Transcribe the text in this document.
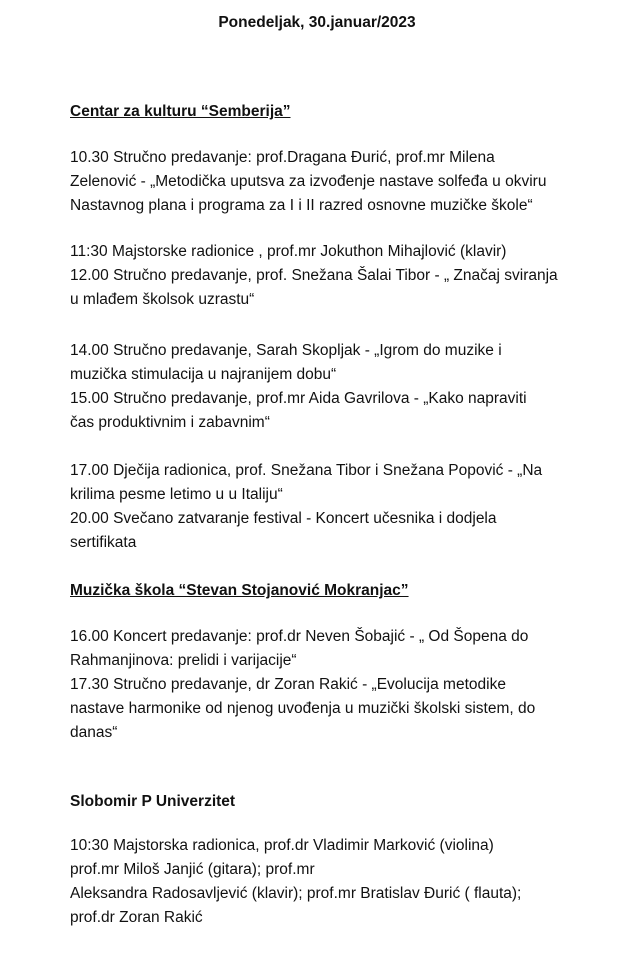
Ponedeljak, 30.januar/2023
Centar za kulturu “Semberija”
10.30 Stručno predavanje: prof.Dragana Đurić, prof.mr Milena
Zelenović - „Metodička uputsva za izvođenje nastave solfeđa u okviru
Nastavnog plana i programa za I i II razred osnovne muzičke škole“
11:30 Majstorske radionice , prof.mr Jokuthon Mihajlović (klavir)
12.00 Stručno predavanje, prof. Snežana Šalai Tibor - „ Značaj sviranja
u mlađem školsok uzrastu“
14.00 Stručno predavanje, Sarah Skopljak - „Igrom do muzike i
muzička stimulacija u najranijem dobu“
15.00 Stručno predavanje, prof.mr Aida Gavrilova - „Kako napraviti
čas produktivnim i zabavnim“
17.00 Dječija radionica, prof. Snežana Tibor i Snežana Popović - „Na
krilima pesme letimo u u Italiju“
20.00 Svečano zatvaranje festival - Koncert učesnika i dodjela
sertifikata
Muzička škola “Stevan Stojanović Mokranjac”
16.00 Koncert predavanje: prof.dr Neven Šobajić - „ Od Šopena do
Rahmanjinova: prelidi i varijacije“
17.30 Stručno predavanje, dr Zoran Rakić - „Evolucija metodike
nastave harmonike od njenog uvođenja u muzički školski sistem, do
danas“
Slobomir P Univerzitet
10:30 Majstorska radionica, prof.dr Vladimir Marković (violina)
prof.mr Miloš Janjić (gitara); prof.mr
Aleksandra Radosavljević (klavir); prof.mr Bratislav Đurić ( flauta);
prof.dr Zoran Rakić
